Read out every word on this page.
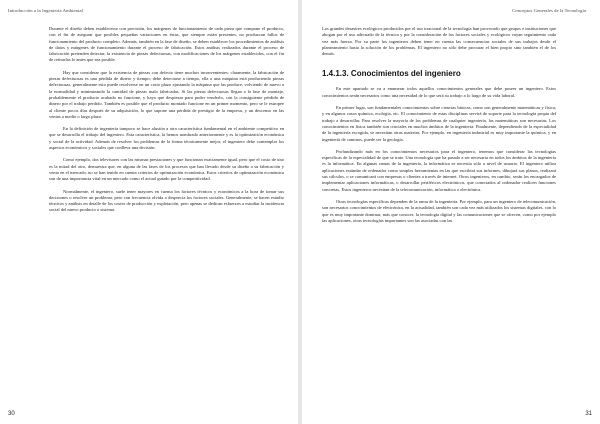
Introducción a la Ingeniería Ambiental

Durante el diseño deben establecerse con precisión, los márgenes de funcionamiento de cada pieza que compone el producto, con el fin de asegurar que posibles pequeñas variaciones en éstas, que siempre están presentes, no produzcan fallos de funcionamiento del producto completo. Además, también en la fase de diseño, se deben establecer los procedimientos de análisis de datos y márgenes de funcionamiento durante el proceso de fabricación. Estos análisis realizados durante el proceso de fabricación pretenden detectar, la existencia de piezas defectuosas, con modificaciones de los márgenes establecidos, con el fin de retirarlas lo antes que sea posible.

Hay que considerar que la existencia de piezas con defecto tiene muchos inconvenientes: claramente, la fabricación de piezas defectuosas es una pérdida de dinero y tiempo; debe detectarse a tiempo, ella o una máquina está produciendo piezas defectuosas, generalmente esto puede resolverse en un corto plazo ajustando la máquina que las produce, volviendo de nuevo a la normalidad y minimizando la cantidad de piezas malo fabricadas. Si las piezas defectuosas llegan a la fase de montaje, probablemente el producto acabado no funcione, y haya que despiezar para poder venderlo, con la consiguiente pérdida de dinero por el trabajo perdido. También es posible que el producto montado funcione en un primer momento, pero se le estropee al cliente pocos días después de su adquisición, lo que supone una pérdida de prestigio de la empresa, y un descenso en las ventas a medio o largo plazo.

En la definición de ingeniería tampoco se hace alusión a otra característica fundamental en el ambiente competitivo en que se desarrolla el trabajo del ingeniero. Esta característica, la hemos nombrado anteriormente y es la optimización económica y social de la actividad. Además de resolver los problemas de la forma técnicamente mejor, el ingeniero debe contemplar los aspectos económicos y sociales que conlleva una decisión.

Como ejemplo, dos televisores con las mismas prestaciones y que funcionan exactamente igual, pero que el costo de uno es la mitad del otro, demuestra que, en alguna de las fases de los procesos que han llevado desde su diseño a su fabricación y venta en el mercado, no se han tenido en cuenta criterios de optimización económica. Estos criterios de optimización económica son de una importancia vital en un mercado como el actual guiado por la competitividad.

Normalmente, el ingeniero, suele tener mayores en cuenta los factores técnicos y económicos a la hora de tomar sus decisiones o resolver un problema, pero con frecuencia olvida o desprecia los factores sociales. Generalmente, se hacen estudio técnicos y análisis en detalle de los costes de producción y explotación, pero apenas se dedican esfuerzos a estudiar la incidencia social del nuevo producto o sistema.

30
Conceptos Generales de la Tecnología

Los grandes desastres ecológicos producidos por el uso irracional de la tecnología han provocado que grupos e instituciones que abogan por el uso adecuado de la técnica y por la consideración de los factores sociales y ecológicos vayan seguimiento cada vez más fuerza. Por su parte los ingenieros deben tener en cuenta las consecuencias sociales de sus trabajos desde el planteamiento hasta la solución de los problemas. El ingeniero no sólo debe procurar el bien propio sino también el de los demás.

1.4.1.3. Conocimientos del ingeniero

En este apartado se va a enumerar todos aquellos conocimientos generales que debe poseer un ingeniero. Estos conocimientos serán necesarios como una necesidad de lo que será su trabajo a lo largo de su vida laboral.

En primer lugar, son fundamentales conocimientos sobre ciencias básicas, como son generalmente matemáticas y física, y en algunos casos química, ecología, etc. El conocimiento de estas disciplinas servirá de soporte para la tecnología propia del trabajo a desarrollar. Para resolver la mayoría de los problemas de cualquier ingeniería, las matemáticas son necesarias. Los conocimientos en física también son cruciales en muchos ámbitos de la ingeniería. Finalmente, dependiendo de la especialidad de la ingeniería escogida, se necesitan otras materias. Por ejemplo, en ingeniería industrial es muy importante la química, y en ingeniería de caminos, puede ser la geología.

Profundizando más en los conocimientos necesarios para el ingeniero, tenemos que considerar las tecnologías específicas de la especialidad de que se trate. Una tecnología que ha pasado a ser necesaria en todos los ámbitos de la ingeniería es la informática. En algunas ramas de la ingeniería, la informática se necesita sólo a nivel de usuario. El ingeniero utiliza aplicaciones estándar de ordenador como simples herramientas en las que escribirá sus informes, dibujará sus planos, realizará sus cálculos, o se comunicará con empresas o clientes a través de internet. Otros ingenieros, en cambio, serán los encargados de implementar aplicaciones informáticas, o desarrollar periféricos electrónicos, que conectados al ordenador realicen funciones concretas. Estos ingenieros necesitan de la telecomunicación, informática o electrónica.

Otras tecnologías específicas dependen de la rama de la ingeniería. Por ejemplo, para un ingeniero de telecomunicación, son necesarios conocimientos de electrónica, en la actualidad, también son cada vez más utilizados los sistemas digitales, con lo que es muy importante dominar, más que conocer, la tecnología digital y las comunicaciones que se ofrecen, como por ejemplo las aplicaciones, otras tecnologías importantes son las asociadas con las

31
